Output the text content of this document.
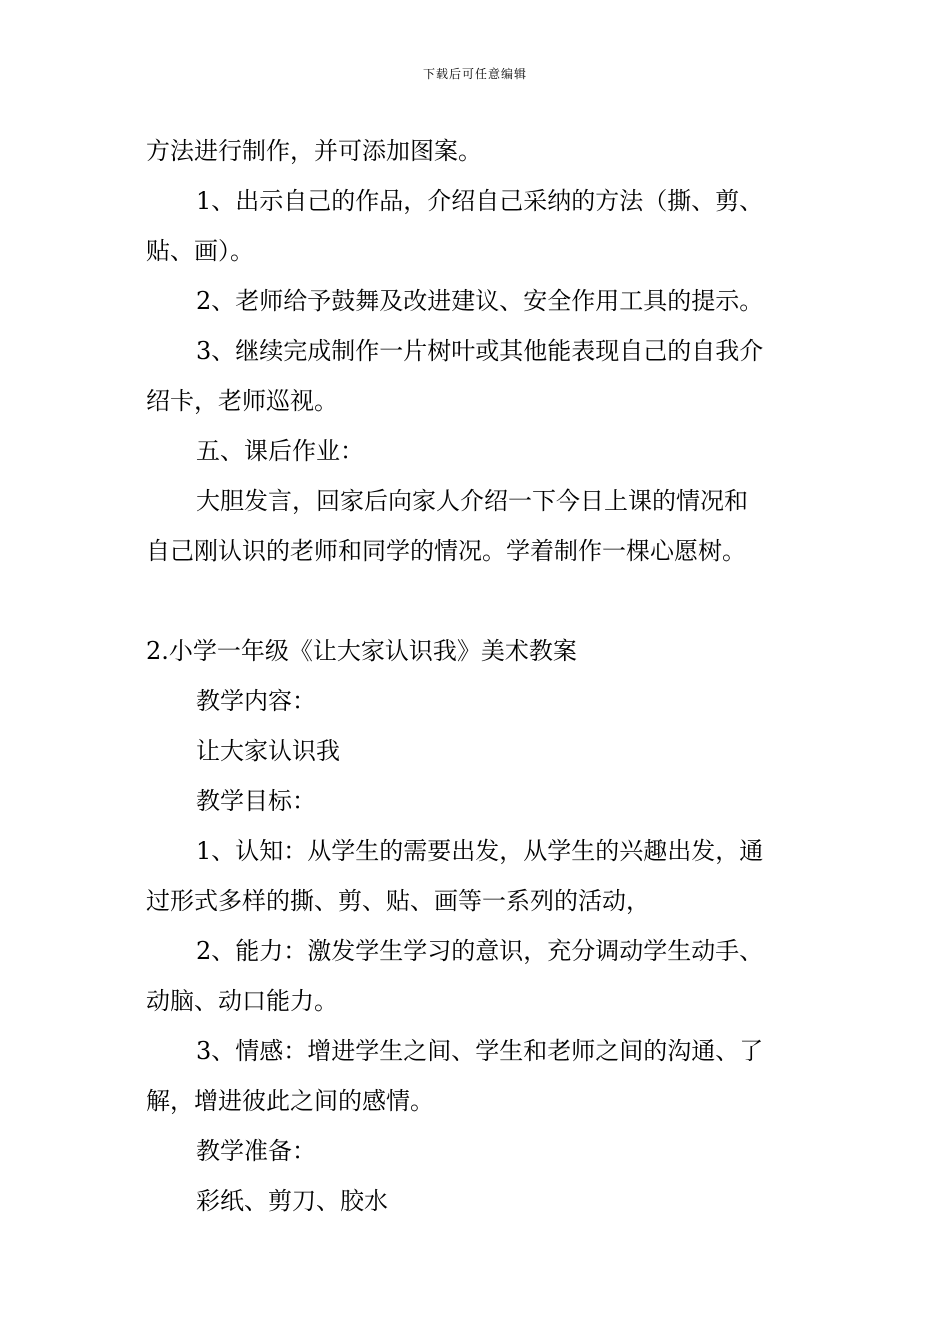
下载后可任意编辑

方法进行制作，并可添加图案。

1、出示自己的作品，介绍自己采纳的方法（撕、剪、

贴、画）。

2、老师给予鼓舞及改进建议、安全作用工具的提示。

3、继续完成制作一片树叶或其他能表现自己的自我介

绍卡，老师巡视。

五、课后作业：

大胆发言，回家后向家人介绍一下今日上课的情况和

自己刚认识的老师和同学的情况。学着制作一棵心愿树。

2.小学一年级《让大家认识我》美术教案

教学内容：

让大家认识我

教学目标：

1、认知：从学生的需要出发，从学生的兴趣出发，通

过形式多样的撕、剪、贴、画等一系列的活动，

2、能力：激发学生学习的意识，充分调动学生动手、

动脑、动口能力。

3、情感：增进学生之间、学生和老师之间的沟通、了

解，增进彼此之间的感情。

教学准备：

彩纸、剪刀、胶水
